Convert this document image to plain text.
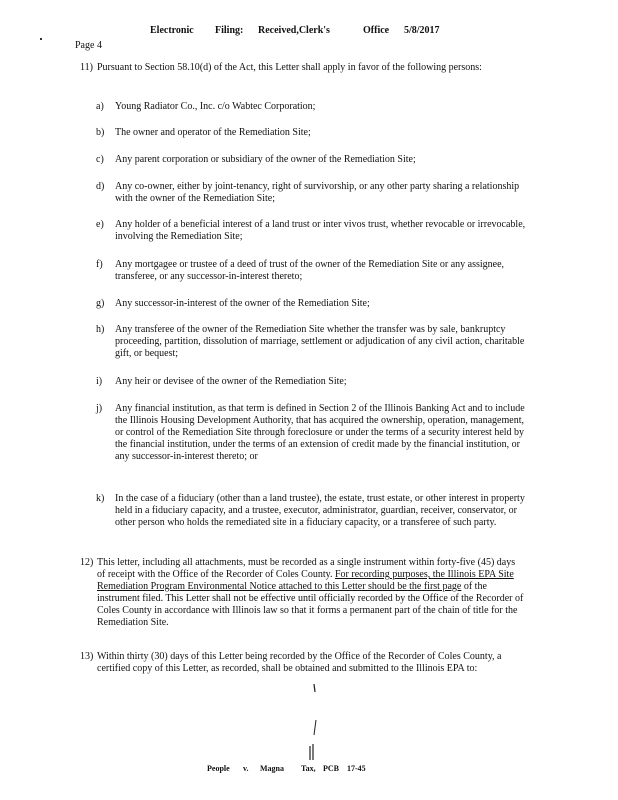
Electronic Filing: Received,Clerk's	Office 5/8/2017
Page 4
11) Pursuant to Section 58.10(d) of the Act, this Letter shall apply in favor of the following persons:
a)	Young Radiator Co., Inc. c/o Wabtec Corporation;
b)	The owner and operator of the Remediation Site;
c)	Any parent corporation or subsidiary of the owner of the Remediation Site;
d)	Any co-owner, either by joint-tenancy, right of survivorship, or any other party sharing a relationship with the owner of the Remediation Site;
e)	Any holder of a beneficial interest of a land trust or inter vivos trust, whether revocable or irrevocable, involving the Remediation Site;
f)	Any mortgagee or trustee of a deed of trust of the owner of the Remediation Site or any assignee, transferee, or any successor-in-interest thereto;
g)	Any successor-in-interest of the owner of the Remediation Site;
h)	Any transferee of the owner of the Remediation Site whether the transfer was by sale, bankruptcy proceeding, partition, dissolution of marriage, settlement or adjudication of any civil action, charitable gift, or bequest;
i)	Any heir or devisee of the owner of the Remediation Site;
j)	Any financial institution, as that term is defined in Section 2 of the Illinois Banking Act and to include the Illinois Housing Development Authority, that has acquired the ownership, operation, management, or control of the Remediation Site through foreclosure or under the terms of a security interest held by the financial institution, under the terms of an extension of credit made by the financial institution, or any successor-in-interest thereto; or
k)	In the case of a fiduciary (other than a land trustee), the estate, trust estate, or other interest in property held in a fiduciary capacity, and a trustee, executor, administrator, guardian, receiver, conservator, or other person who holds the remediated site in a fiduciary capacity, or a transferee of such party.
12) This letter, including all attachments, must be recorded as a single instrument within forty-five (45) days of receipt with the Office of the Recorder of Coles County. For recording purposes, the Illinois EPA Site Remediation Program Environmental Notice attached to this Letter should be the first page of the instrument filed. This Letter shall not be effective until officially recorded by the Office of the Recorder of Coles County in accordance with Illinois law so that it forms a permanent part of the chain of title for the Remediation Site.
13) Within thirty (30) days of this Letter being recorded by the Office of the Recorder of Coles County, a certified copy of this Letter, as recorded, shall be obtained and submitted to the Illinois EPA to:
People v. Magna Tax, PCB 17-45
